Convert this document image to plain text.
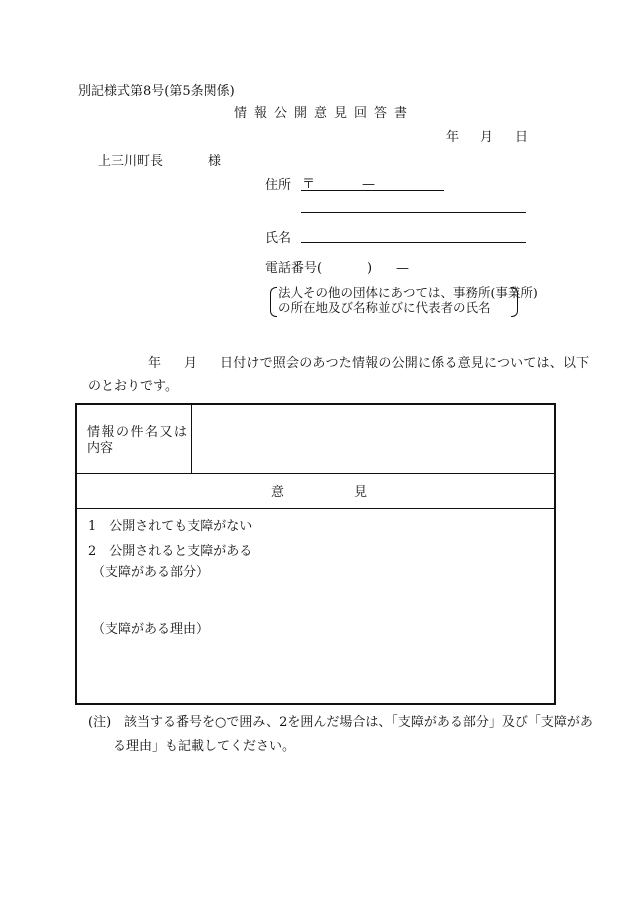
別記様式第8号(第5条関係)
情報公開意見回答書
年 月 日
上三川町長	様
住所 〒	—
氏名
電話番号(	) —
法人その他の団体にあつては、事務所(事業所)
の所在地及び名称並びに代表者の氏名
年 月 日付けで照会のあつた情報の公開に係る意見については、以下
のとおりです。
情報の件名又は
内容
意	見
1　公開されても支障がない
2　公開されると支障がある
（支障がある部分）
（支障がある理由）
(注) 該当する番号を○で囲み、2を囲んだ場合は、「支障がある部分」及び「支障があ
る理由」も記載してください。
